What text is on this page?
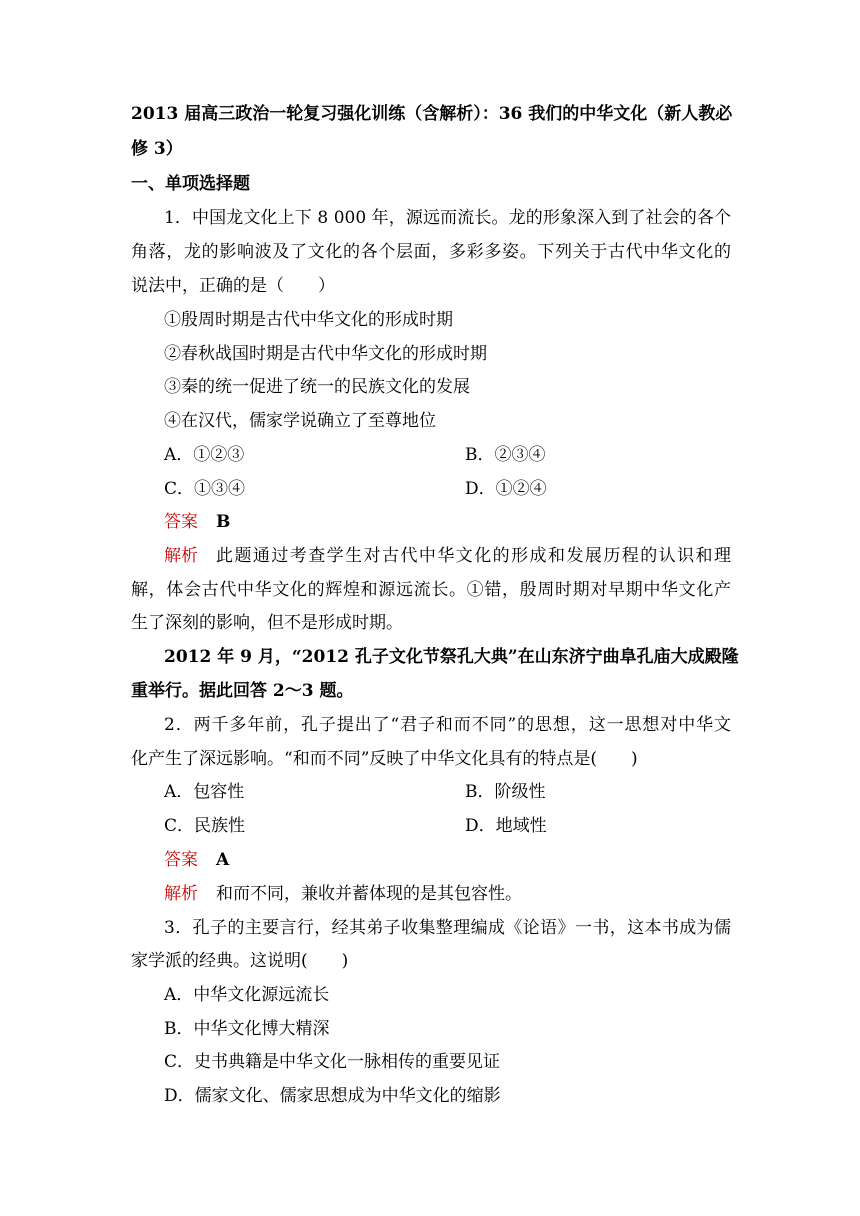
2013 届高三政治一轮复习强化训练（含解析）：36 我们的中华文化（新人教必
修 3）
一、单项选择题
1．中国龙文化上下 8 000 年，源远而流长。龙的形象深入到了社会的各个
角落，龙的影响波及了文化的各个层面，多彩多姿。下列关于古代中华文化的
说法中，正确的是（　　）
①殷周时期是古代中华文化的形成时期
②春秋战国时期是古代中华文化的形成时期
③秦的统一促进了统一的民族文化的发展
④在汉代，儒家学说确立了至尊地位
A．①②③	B．②③④
C．①③④	D．①②④
答案 B
解析 此题通过考查学生对古代中华文化的形成和发展历程的认识和理
解，体会古代中华文化的辉煌和源远流长。①错，殷周时期对早期中华文化产
生了深刻的影响，但不是形成时期。
2012 年 9 月，“2012 孔子文化节祭孔大典”在山东济宁曲阜孔庙大成殿隆
重举行。据此回答 2～3 题。
2．两千多年前，孔子提出了“君子和而不同”的思想，这一思想对中华文
化产生了深远影响。“和而不同”反映了中华文化具有的特点是(　　)
A．包容性	B．阶级性
C．民族性	D．地域性
答案 A
解析 和而不同，兼收并蓄体现的是其包容性。
3．孔子的主要言行，经其弟子收集整理编成《论语》一书，这本书成为儒
家学派的经典。这说明(　　)
A．中华文化源远流长
B．中华文化博大精深
C．史书典籍是中华文化一脉相传的重要见证
D．儒家文化、儒家思想成为中华文化的缩影
